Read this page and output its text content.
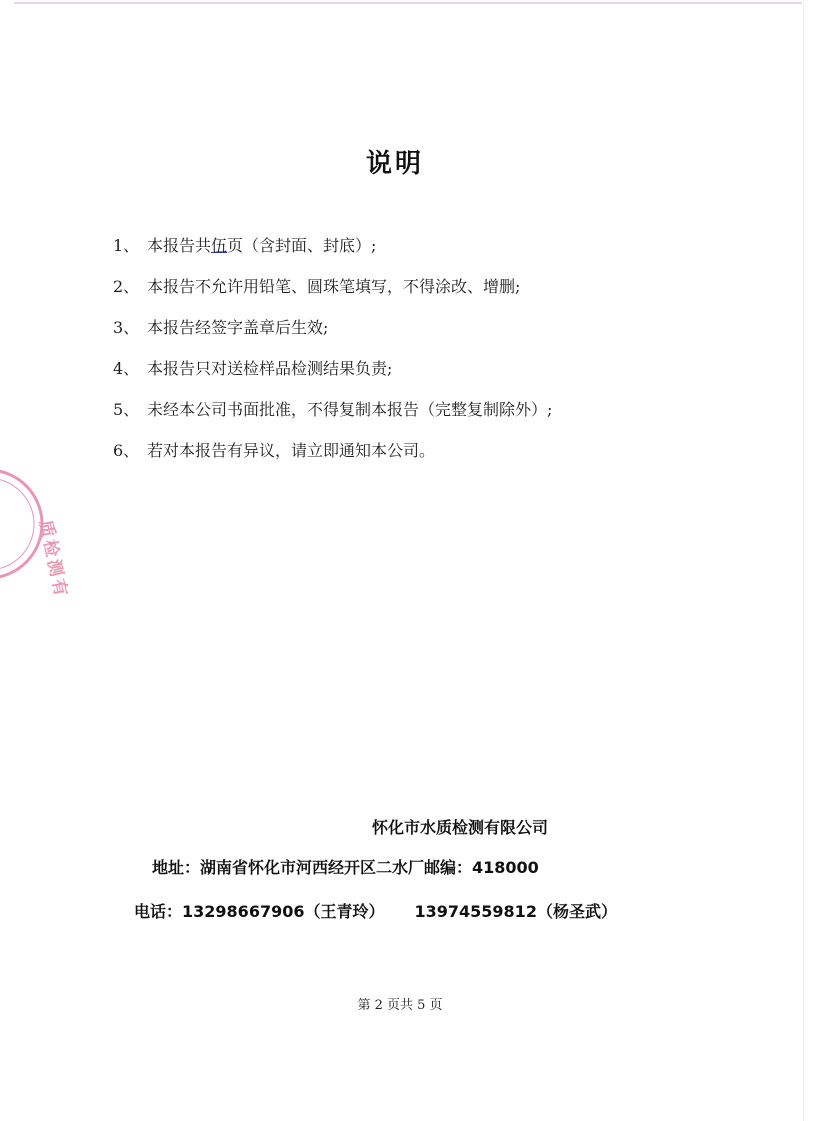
说明
1、 本报告共伍页（含封面、封底）;
2、 本报告不允许用铅笔、圆珠笔填写，不得涂改、增删;
3、 本报告经签字盖章后生效;
4、 本报告只对送检样品检测结果负责;
5、 未经本公司书面批准，不得复制本报告（完整复制除外）;
6、 若对本报告有异议，请立即通知本公司。
怀化市水质检测有限公司
地址：湖南省怀化市河西经开区二水厂邮编：418000
电话：13298667906（王青玲） 13974559812（杨圣武）
第 2 页共 5 页
质检测有
